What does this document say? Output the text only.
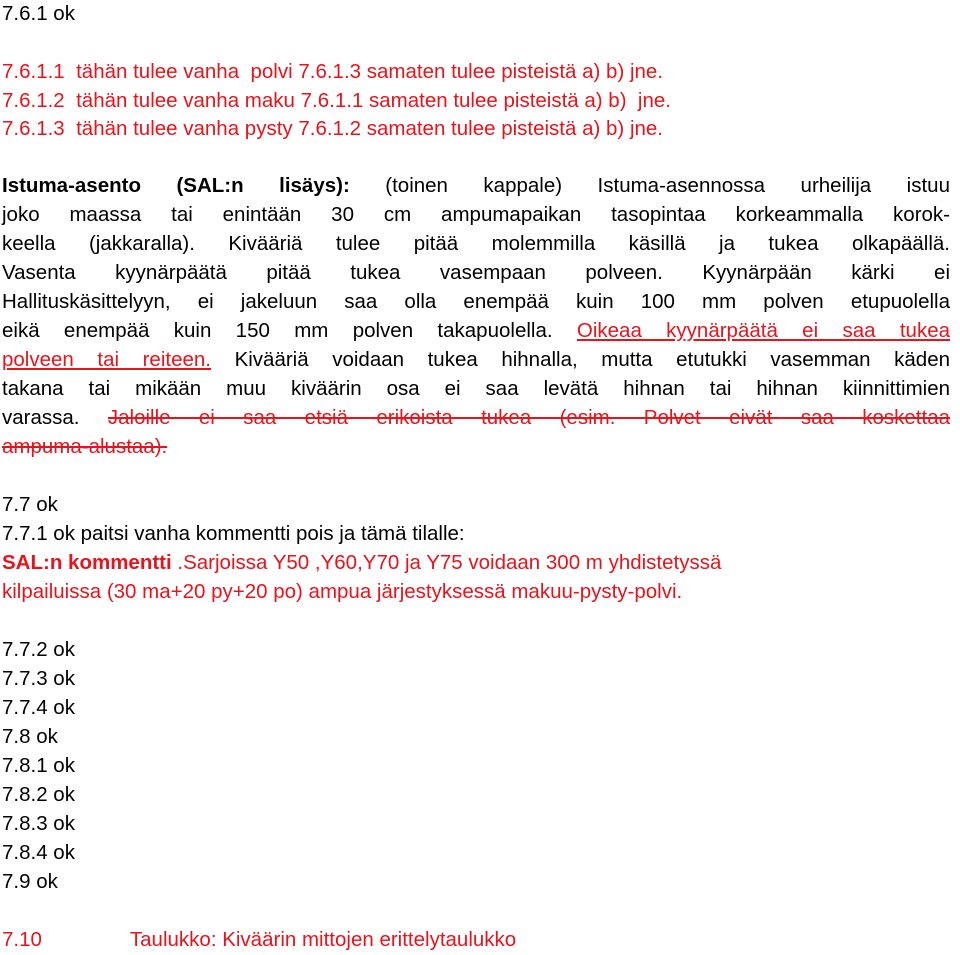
7.6.1 ok
7.6.1.1 tähän tulee vanha  polvi 7.6.1.3 samaten tulee pisteistä a) b) jne.
7.6.1.2 tähän tulee vanha maku 7.6.1.1 samaten tulee pisteistä a) b)  jne.
7.6.1.3 tähän tulee vanha pysty 7.6.1.2 samaten tulee pisteistä a) b) jne.
Istuma-asento (SAL:n lisäys): (toinen kappale) Istuma-asennossa urheilija istuu
joko maassa tai enintään 30 cm ampumapaikan tasopintaa korkeammalla korok-
keella (jakkaralla). Kivääriä tulee pitää molemmilla käsillä ja tukea olkapäällä.
Vasenta kyynärpäätä pitää tukea vasempaan polveen. Kyynärpään kärki ei
Hallituskäsittelyyn, ei jakeluun saa olla enempää kuin 100 mm polven etupuolella
eikä enempää kuin 150 mm polven takapuolella. Oikeaa kyynärpäätä ei saa tukea
polveen tai reiteen. Kivääriä voidaan tukea hihnalla, mutta etutukki vasemman käden
takana tai mikään muu kiväärin osa ei saa levätä hihnan tai hihnan kiinnittimien
varassa. Jaloille ei saa etsiä erikoista tukea (esim. Polvet eivät saa koskettaa
ampuma-alustaa).
7.7 ok
7.7.1 ok paitsi vanha kommentti pois ja tämä tilalle:
SAL:n kommentti .Sarjoissa Y50 ,Y60,Y70 ja Y75 voidaan 300 m yhdistetyssä
kilpailuissa (30 ma+20 py+20 po) ampua järjestyksessä makuu-pysty-polvi.
7.7.2 ok
7.7.3 ok
7.7.4 ok
7.8 ok
7.8.1 ok
7.8.2 ok
7.8.3 ok
7.8.4 ok
7.9 ok
7.10	Taulukko: Kiväärin mittojen erittelytaulukko
